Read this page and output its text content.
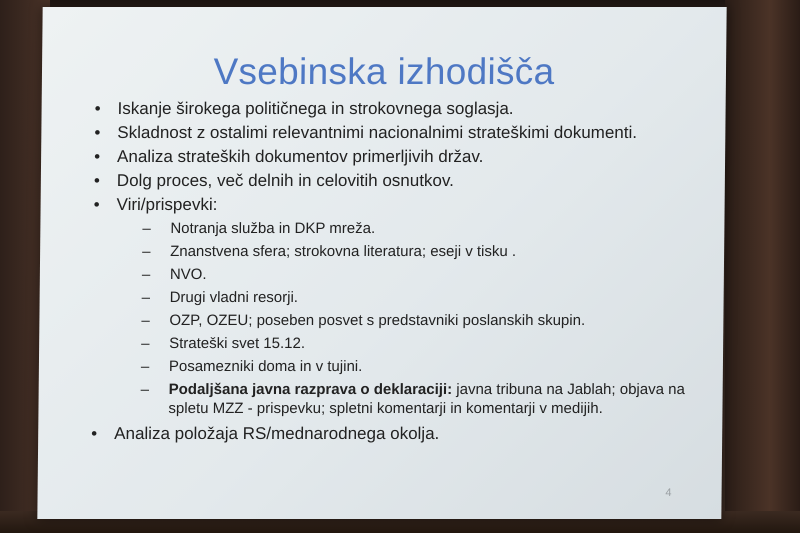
Vsebinska izhodišča
• Iskanje širokega političnega in strokovnega soglasja.
• Skladnost z ostalimi relevantnimi nacionalnimi strateškimi dokumenti.
• Analiza strateških dokumentov primerljivih držav.
• Dolg proces, več delnih in celovitih osnutkov.
• Viri/prispevki:
– Notranja služba in DKP mreža.
– Znanstvena sfera; strokovna literatura; eseji v tisku .
– NVO.
– Drugi vladni resorji.
– OZP, OZEU; poseben posvet s predstavniki poslanskih skupin.
– Strateški svet 15.12.
– Posamezniki doma in v tujini.
– Podaljšana javna razprava o deklaraciji: javna tribuna na Jablah; objava na spletu MZZ - prispevku; spletni komentarji in komentarji v medijih.
• Analiza položaja RS/mednarodnega okolja.
4
